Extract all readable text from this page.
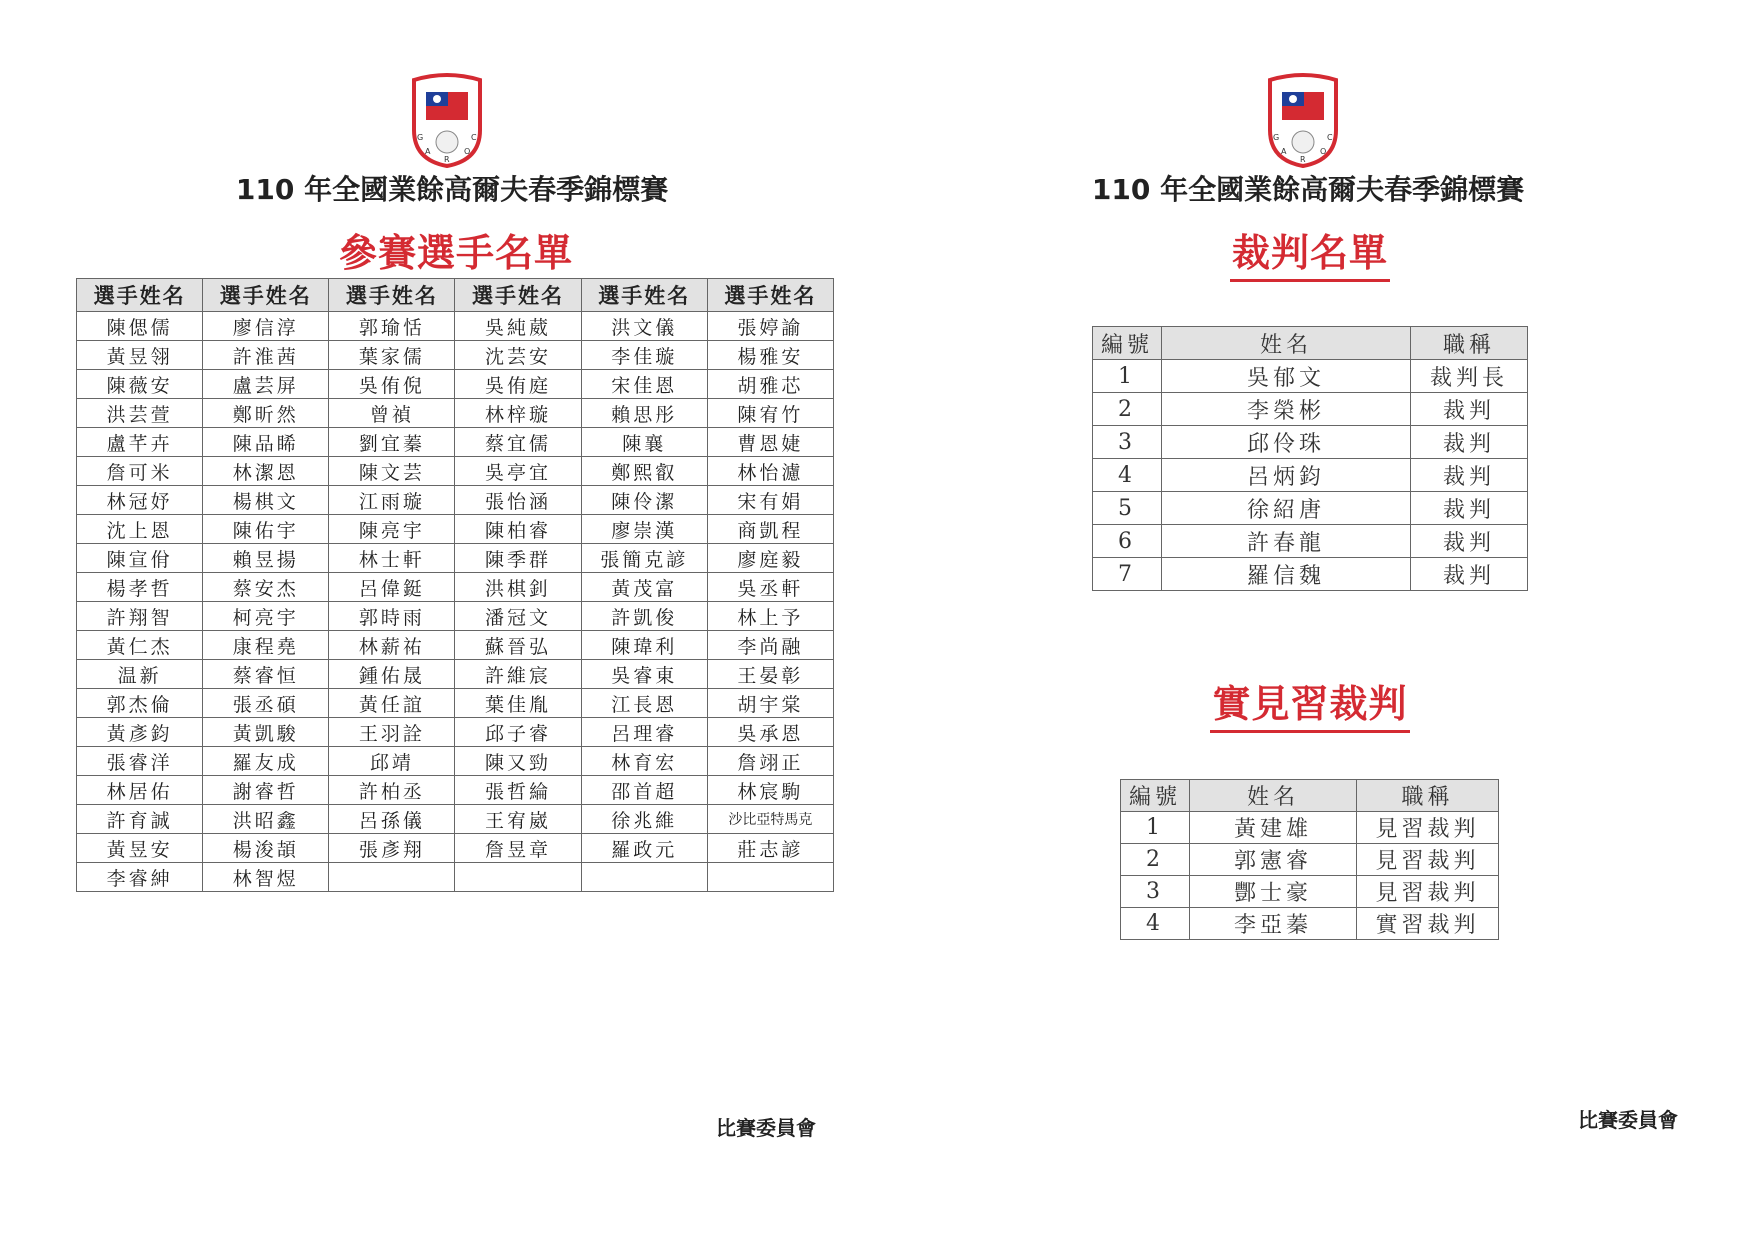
G
A
R
O
C
110 年全國業餘高爾夫春季錦標賽
參賽選手名單
選手姓名	選手姓名	選手姓名	選手姓名	選手姓名	選手姓名
陳偲儒	廖信淳	郭瑜恬	吳純葳	洪文儀	張婷諭
黃昱翎	許淮茜	葉家儒	沈芸安	李佳璇	楊雅安
陳薇安	盧芸屏	吳侑倪	吳侑庭	宋佳恩	胡雅芯
洪芸萱	鄭昕然	曾禎	林梓璇	賴思彤	陳宥竹
盧芊卉	陳品睎	劉宜蓁	蔡宜儒	陳襄	曹恩婕
詹可米	林潔恩	陳文芸	吳亭宜	鄭熙叡	林怡濾
林冠妤	楊棋文	江雨璇	張怡涵	陳伶潔	宋有娟
沈上恩	陳佑宇	陳亮宇	陳柏睿	廖崇漢	商凱程
陳宣佾	賴昱揚	林士軒	陳季群	張簡克諺	廖庭毅
楊孝哲	蔡安杰	呂偉鋌	洪棋釗	黃茂富	吳丞軒
許翔智	柯亮宇	郭時雨	潘冠文	許凱俊	林上予
黃仁杰	康程堯	林薪祐	蘇晉弘	陳瑋利	李尚融
温新	蔡睿恒	鍾佑晟	許維宸	吳睿東	王晏彰
郭杰倫	張丞碩	黃任誼	葉佳胤	江長恩	胡宇棠
黃彥鈞	黃凱駿	王羽詮	邱子睿	呂理睿	吳承恩
張睿洋	羅友成	邱靖	陳又勁	林育宏	詹翊正
林居佑	謝睿哲	許柏丞	張哲綸	邵首超	林宸駒
許育誠	洪昭鑫	呂孫儀	王宥崴	徐兆維	沙比亞特馬克
黃昱安	楊浚頡	張彥翔	詹昱章	羅政元	莊志諺
李睿紳	林智煜				
比賽委員會
G
A
R
O
C
110 年全國業餘高爾夫春季錦標賽
裁判名單
編號	姓名	職稱
1	吳郁文	裁判長
2	李榮彬	裁判
3	邱伶珠	裁判
4	呂炳鈞	裁判
5	徐紹唐	裁判
6	許春龍	裁判
7	羅信魏	裁判
實見習裁判
編號	姓名	職稱
1	黃建雄	見習裁判
2	郭憲睿	見習裁判
3	酆士豪	見習裁判
4	李亞蓁	實習裁判
比賽委員會
